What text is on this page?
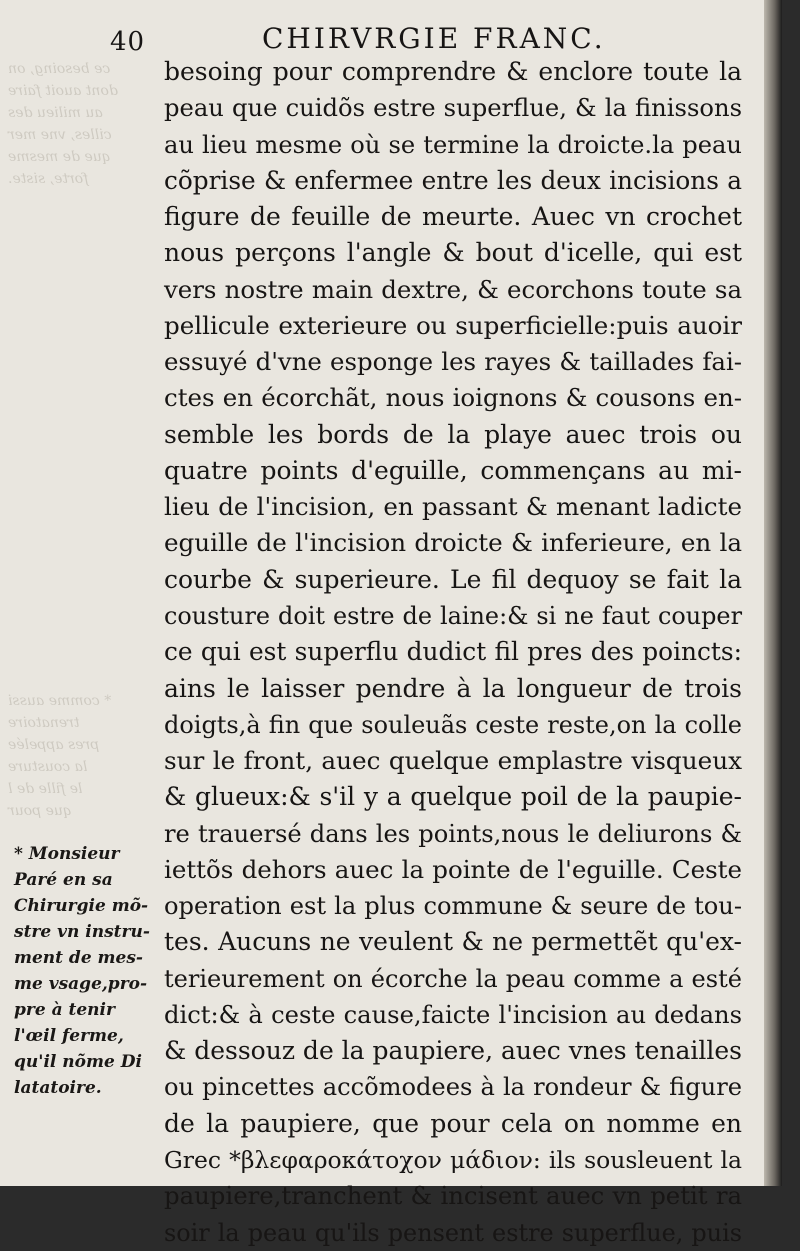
ce besoing, on
dont auoit faire
au milieu des
cilles, vne mer
que de mesme
forte, siste.
* comme aussi
trenatoire
pres appelée
la cousture
le fille de l
que pour
40	CHIRVRGIE FRANC.
besoing pour comprendre & enclore toute la
peau que cuidõs estre superflue, & la finissons
au lieu mesme où se termine la droicte.la peau
cõprise & enfermee entre les deux incisions a
figure de feuille de meurte. Auec vn crochet
nous perçons l'angle & bout d'icelle, qui est
vers nostre main dextre, & ecorchons toute sa
pellicule exterieure ou superficielle:puis auoir
essuyé d'vne esponge les rayes & taillades fai-
ctes en écorchãt, nous ioignons & cousons en-
semble les bords de la playe auec trois ou
quatre points d'eguille, commençans au mi-
lieu de l'incision, en passant & menant ladicte
eguille de l'incision droicte & inferieure, en la
courbe & superieure. Le fil dequoy se fait la
cousture doit estre de laine:& si ne faut couper
ce qui est superflu dudict fil pres des poincts:
ains le laisser pendre à la longueur de trois
doigts,à fin que souleuãs ceste reste,on la colle
sur le front, auec quelque emplastre visqueux
& glueux:& s'il y a quelque poil de la paupie-
re trauersé dans les points,nous le deliurons &
iettõs dehors auec la pointe de l'eguille. Ceste
operation est la plus commune & seure de tou-
tes. Aucuns ne veulent & ne permettẽt qu'ex-
terieurement on écorche la peau comme a esté
dict:& à ceste cause,faicte l'incision au dedans
& dessouz de la paupiere, auec vnes tenailles
ou pincettes accõmodees à la rondeur & figure
de la paupiere, que pour cela on nomme en
Grec *βλεφαροκάτοχον μάδιον: ils sousleuent la
paupiere,tranchent & incisent auec vn petit ra
soir la peau qu'ils pensent estre superflue, puis
* Monsieur
Paré en sa
Chirurgie mõ-
stre vn instru-
ment de mes-
me vsage,pro-
pre à tenir
l'œil ferme,
qu'il nõme Di
latatoire.
